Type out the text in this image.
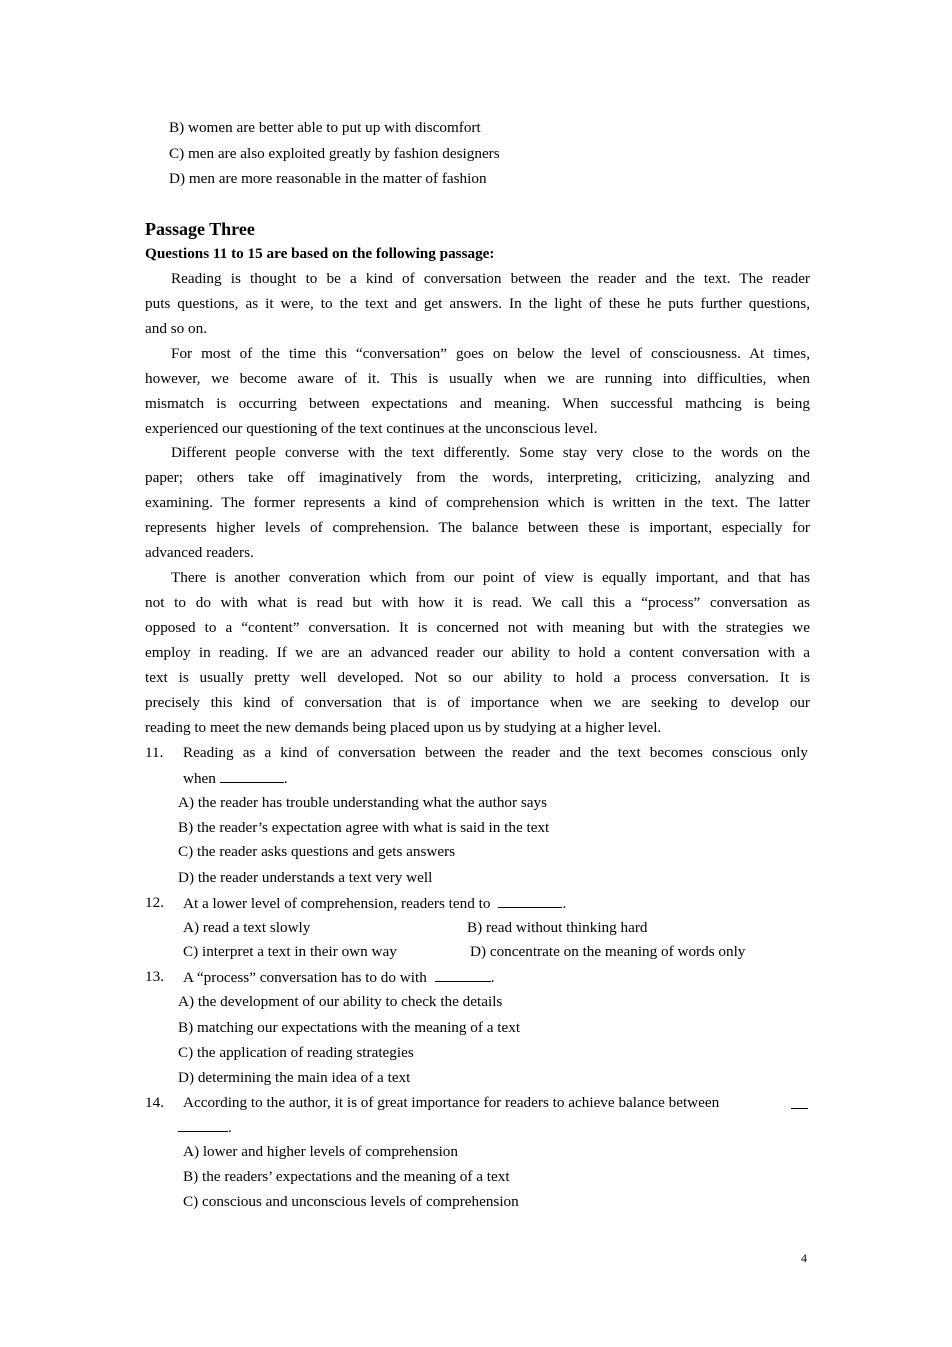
B) women are better able to put up with discomfort
C) men are also exploited greatly by fashion designers
D) men are more reasonable in the matter of fashion
Passage Three
Questions 11 to 15 are based on the following passage:
Reading is thought to be a kind of conversation between the reader and the text. The reader
puts questions, as it were, to the text and get answers. In the light of these he puts further questions,
and so on.
For most of the time this “conversation” goes on below the level of consciousness. At times,
however, we become aware of it. This is usually when we are running into difficulties, when
mismatch is occurring between expectations and meaning. When successful mathcing is being
experienced our questioning of the text continues at the unconscious level.
Different people converse with the text differently. Some stay very close to the words on the
paper; others take off imaginatively from the words, interpreting, criticizing, analyzing and
examining. The former represents a kind of comprehension which is written in the text. The latter
represents higher levels of comprehension. The balance between these is important, especially for
advanced readers.
There is another converation which from our point of view is equally important, and that has
not to do with what is read but with how it is read. We call this a “process” conversation as
opposed to a “content” conversation. It is concerned not with meaning but with the strategies we
employ in reading. If we are an advanced reader our ability to hold a content conversation with a
text is usually pretty well developed. Not so our ability to hold a process conversation. It is
precisely this kind of conversation that is of importance when we are seeking to develop our
reading to meet the new demands being placed upon us by studying at a higher level.
11. Reading as a kind of conversation between the reader and the text becomes conscious only
when	.
A) the reader has trouble understanding what the author says
B) the reader’s expectation agree with what is said in the text
C) the reader asks questions and gets answers
D) the reader understands a text very well
12. At a lower level of comprehension, readers tend to	.
A) read a text slowly	B) read without thinking hard
C) interpret a text in their own way	D) concentrate on the meaning of words only
13. A “process” conversation has to do with	.
A) the development of our ability to check the details
B) matching our expectations with the meaning of a text
C) the application of reading strategies
D) determining the main idea of a text
14. According to the author, it is of great importance for readers to achieve balance between
.
A) lower and higher levels of comprehension
B) the readers’ expectations and the meaning of a text
C) conscious and unconscious levels of comprehension
4
